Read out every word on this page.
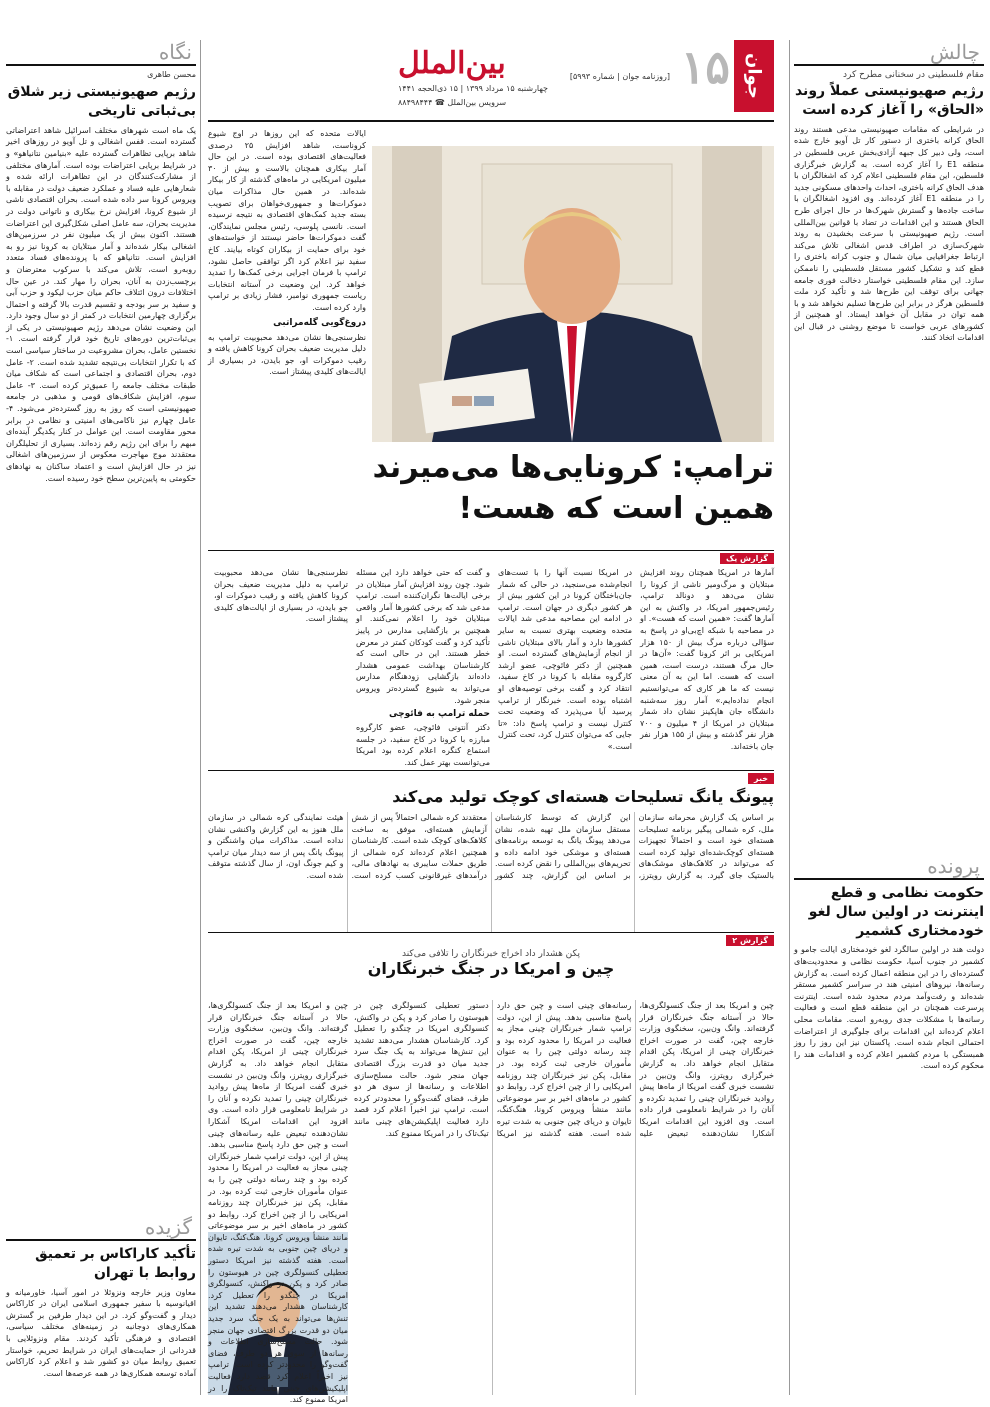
چالش
مقام فلسطینی در سخنانی مطرح کرد
رژیم صهیونیستی عملاً روند «الحاق» را آغاز کرده است
در شرایطی که مقامات صهیونیستی مدعی هستند روند الحاق کرانه باختری از دستور کار تل آویو خارج شده است، ولی دبیر کل جبهه آزادی‌بخش عربی فلسطین در منطقه E1 را آغاز کرده است. به گزارش خبرگزاری فلسطین، این مقام فلسطینی اعلام کرد که اشغالگران با هدف الحاق کرانه باختری، احداث واحدهای مسکونی جدید را در منطقه E1 آغاز کرده‌اند. وی افزود اشغالگران با ساخت جاده‌ها و گسترش شهرک‌ها در حال اجرای طرح الحاق هستند و این اقدامات در تضاد با قوانین بین‌المللی است. رژیم صهیونیستی با سرعت بخشیدن به روند شهرک‌سازی در اطراف قدس اشغالی تلاش می‌کند ارتباط جغرافیایی میان شمال و جنوب کرانه باختری را قطع کند و تشکیل کشور مستقل فلسطینی را ناممکن سازد. این مقام فلسطینی خواستار دخالت فوری جامعه جهانی برای توقف این طرح‌ها شد و تأکید کرد ملت فلسطین هرگز در برابر این طرح‌ها تسلیم نخواهد شد و با همه توان در مقابل آن خواهد ایستاد. او همچنین از کشورهای عربی خواست تا موضع روشنی در قبال این اقدامات اتخاذ کنند.
پرونده
حکومت نظامی و قطع اینترنت در اولین سال لغو خودمختاری کشمیر
دولت هند در اولین سالگرد لغو خودمختاری ایالت جامو و کشمیر در جنوب آسیا، حکومت نظامی و محدودیت‌های گسترده‌ای را در این منطقه اعمال کرده است. به گزارش رسانه‌ها، نیروهای امنیتی هند در سراسر کشمیر مستقر شده‌اند و رفت‌وآمد مردم محدود شده است. اینترنت پرسرعت همچنان در این منطقه قطع است و فعالیت رسانه‌ها با مشکلات جدی روبه‌رو است. مقامات محلی اعلام کرده‌اند این اقدامات برای جلوگیری از اعتراضات احتمالی انجام شده است. پاکستان نیز این روز را روز همبستگی با مردم کشمیر اعلام کرده و اقدامات هند را محکوم کرده است.
نگاه
محسن طاهری
رژیم صهیونیستی زیر شلاق بی‌ثباتی تاریخی
یک ماه است شهرهای مختلف اسرائیل شاهد اعتراضاتی گسترده است. قفس اشغالی و تل آویو در روزهای اخیر شاهد برپایی تظاهرات گسترده علیه «بنیامین نتانیاهو» و در شرایط برپایی اعتراضات بوده است. آمارهای مختلفی از مشارکت‌کنندگان در این تظاهرات ارائه شده و شعارهایی علیه فساد و عملکرد ضعیف دولت در مقابله با ویروس کرونا سر داده شده است. بحران اقتصادی ناشی از شیوع کرونا، افزایش نرخ بیکاری و ناتوانی دولت در مدیریت بحران، سه عامل اصلی شکل‌گیری این اعتراضات هستند. اکنون بیش از یک میلیون نفر در سرزمین‌های اشغالی بیکار شده‌اند و آمار مبتلایان به کرونا نیز رو به افزایش است. نتانیاهو که با پرونده‌های فساد متعدد روبه‌رو است، تلاش می‌کند با سرکوب معترضان و برچسب‌زدن به آنان، بحران را مهار کند. در عین حال اختلافات درون ائتلاف حاکم میان حزب لیکود و حزب آبی و سفید بر سر بودجه و تقسیم قدرت بالا گرفته و احتمال برگزاری چهارمین انتخابات در کمتر از دو سال وجود دارد. این وضعیت نشان می‌دهد رژیم صهیونیستی در یکی از بی‌ثبات‌ترین دوره‌های تاریخ خود قرار گرفته است. ۱- نخستین عامل، بحران مشروعیت در ساختار سیاسی است که با تکرار انتخابات بی‌نتیجه تشدید شده است. ۲- عامل دوم، بحران اقتصادی و اجتماعی است که شکاف میان طبقات مختلف جامعه را عمیق‌تر کرده است. ۳- عامل سوم، افزایش شکاف‌های قومی و مذهبی در جامعه صهیونیستی است که روز به روز گسترده‌تر می‌شود. ۴- عامل چهارم نیز ناکامی‌های امنیتی و نظامی در برابر محور مقاومت است. این عوامل در کنار یکدیگر آینده‌ای مبهم را برای این رژیم رقم زده‌اند. بسیاری از تحلیلگران معتقدند موج مهاجرت معکوس از سرزمین‌های اشغالی نیز در حال افزایش است و اعتماد ساکنان به نهادهای حکومتی به پایین‌ترین سطح خود رسیده است.
گزیده
تأکید کاراکاس بر تعمیق روابط با تهران
معاون وزیر خارجه ونزوئلا در امور آسیا، خاورمیانه و اقیانوسیه با سفیر جمهوری اسلامی ایران در کاراکاس دیدار و گفت‌وگو کرد. در این دیدار طرفین بر گسترش همکاری‌های دوجانبه در زمینه‌های مختلف سیاسی، اقتصادی و فرهنگی تأکید کردند. مقام ونزوئلایی با قدردانی از حمایت‌های ایران در شرایط تحریم، خواستار تعمیق روابط میان دو کشور شد و اعلام کرد کاراکاس آماده توسعه همکاری‌ها در همه عرصه‌ها است.
جوان
۱۵
[روزنامه جوان | شماره ۵۹۹۳]
بین‌الملل
چهارشنبه ۱۵ مرداد ۱۳۹۹ | ۱۵ ذی‌الحجه ۱۴۴۱
سرویس بین‌الملل ☎ ۸۸۴۹۸۴۴۴
ترامپ: کرونایی‌ها می‌میرند
همین است که هست!
ایالات متحده که این روزها در اوج شیوع کروناست، شاهد افزایش ۲۵ درصدی فعالیت‌های اقتصادی بوده است. در این حال آمار بیکاری همچنان بالاست و بیش از ۳۰ میلیون امریکایی در ماه‌های گذشته از کار بیکار شده‌اند. در همین حال مذاکرات میان دموکرات‌ها و جمهوری‌خواهان برای تصویب بسته جدید کمک‌های اقتصادی به نتیجه نرسیده است. نانسی پلوسی، رئیس مجلس نمایندگان، گفت دموکرات‌ها حاضر نیستند از خواسته‌های خود برای حمایت از بیکاران کوتاه بیایند. کاخ سفید نیز اعلام کرد اگر توافقی حاصل نشود، ترامپ با فرمان اجرایی برخی کمک‌ها را تمدید خواهد کرد. این وضعیت در آستانه انتخابات ریاست جمهوری نوامبر، فشار زیادی بر ترامپ وارد کرده است.
دروغ‌گویی گله‌مراتبی
نظرسنجی‌ها نشان می‌دهد محبوبیت ترامپ به دلیل مدیریت ضعیف بحران کرونا کاهش یافته و رقیب دموکرات او، جو بایدن، در بسیاری از ایالت‌های کلیدی پیشتاز است.
گزارش یک
آمارها در امریکا همچنان روند افزایش مبتلایان و مرگ‌ومیر ناشی از کرونا را نشان می‌دهد و دونالد ترامپ، رئیس‌جمهور امریکا، در واکنش به این آمارها گفت: «همین است که هست». او در مصاحبه با شبکه اچ‌بی‌او در پاسخ به سؤالی درباره مرگ بیش از ۱۵۰ هزار امریکایی بر اثر کرونا گفت: «آن‌ها در حال مرگ هستند، درست است، همین است که هست. اما این به آن معنی نیست که ما هر کاری که می‌توانستیم انجام نداده‌ایم.» آمار روز سه‌شنبه دانشگاه جان هاپکینز نشان داد شمار مبتلایان در امریکا از ۴ میلیون و ۷۰۰ هزار نفر گذشته و بیش از ۱۵۵ هزار نفر جان باخته‌اند.
در امریکا نسبت آنها را با تست‌های انجام‌شده می‌سنجید، در حالی که شمار جان‌باختگان کرونا در این کشور بیش از هر کشور دیگری در جهان است. ترامپ در ادامه این مصاحبه مدعی شد ایالات متحده وضعیت بهتری نسبت به سایر کشورها دارد و آمار بالای مبتلایان ناشی از انجام آزمایش‌های گسترده است. او همچنین از دکتر فائوچی، عضو ارشد کارگروه مقابله با کرونا در کاخ سفید، انتقاد کرد و گفت برخی توصیه‌های او اشتباه بوده است. خبرنگار از ترامپ پرسید آیا می‌پذیرد که وضعیت تحت کنترل نیست و ترامپ پاسخ داد: «تا جایی که می‌توان کنترل کرد، تحت کنترل است.»
و گفت که حتی خواهد دارد این مسئله شود. چون روند افزایش آمار مبتلایان در برخی ایالت‌ها نگران‌کننده است. ترامپ مدعی شد که برخی کشورها آمار واقعی مبتلایان خود را اعلام نمی‌کنند. او همچنین بر بازگشایی مدارس در پاییز تأکید کرد و گفت کودکان کمتر در معرض خطر هستند. این در حالی است که کارشناسان بهداشت عمومی هشدار داده‌اند بازگشایی زودهنگام مدارس می‌تواند به شیوع گسترده‌تر ویروس منجر شود.
حمله ترامپ به فائوچی
دکتر آنتونی فائوچی، عضو کارگروه مبارزه با کرونا در کاخ سفید، در جلسه استماع کنگره اعلام کرده بود امریکا می‌توانست بهتر عمل کند.
نظرسنجی‌ها نشان می‌دهد محبوبیت ترامپ به دلیل مدیریت ضعیف بحران کرونا کاهش یافته و رقیب دموکرات او، جو بایدن، در بسیاری از ایالت‌های کلیدی پیشتاز است.
خبر
پیونگ یانگ تسلیحات هسته‌ای کوچک تولید می‌کند
بر اساس یک گزارش محرمانه سازمان ملل، کره شمالی پیگیر برنامه تسلیحات هسته‌ای خود است و احتمالاً تجهیزات هسته‌ای کوچک‌شده‌ای تولید کرده است که می‌تواند در کلاهک‌های موشک‌های بالستیک جای گیرد. به گزارش رویترز، این گزارش که توسط کارشناسان مستقل سازمان ملل تهیه شده، نشان می‌دهد پیونگ یانگ به توسعه برنامه‌های هسته‌ای و موشکی خود ادامه داده و تحریم‌های بین‌المللی را نقض کرده است. بر اساس این گزارش، چند کشور معتقدند کره شمالی احتمالاً پس از شش آزمایش هسته‌ای، موفق به ساخت کلاهک‌های کوچک شده است. کارشناسان همچنین اعلام کرده‌اند کره شمالی از طریق حملات سایبری به نهادهای مالی، درآمدهای غیرقانونی کسب کرده است. هیئت نمایندگی کره شمالی در سازمان ملل هنوز به این گزارش واکنشی نشان نداده است. مذاکرات میان واشنگتن و پیونگ یانگ پس از سه دیدار میان ترامپ و کیم جونگ اون، از سال گذشته متوقف شده است.
گزارش ۲
پکن هشدار داد اخراج خبرنگاران را تلافی می‌کند
چین و امریکا در جنگ خبرنگاران
چین و امریکا بعد از جنگ کنسولگری‌ها، حالا در آستانه جنگ خبرنگاران قرار گرفته‌اند. وانگ ون‌بین، سخنگوی وزارت خارجه چین، گفت در صورت اخراج خبرنگاران چینی از امریکا، پکن اقدام متقابل انجام خواهد داد. به گزارش خبرگزاری رویترز، وانگ ون‌بین در نشست خبری گفت امریکا از ماه‌ها پیش روادید خبرنگاران چینی را تمدید نکرده و آنان را در شرایط نامعلومی قرار داده است. وی افزود این اقدامات امریکا آشکارا نشان‌دهنده تبعیض علیه رسانه‌های چینی است و چین حق دارد پاسخ مناسبی بدهد. پیش از این، دولت ترامپ شمار خبرنگاران چینی مجاز به فعالیت در امریکا را محدود کرده بود و چند رسانه دولتی چین را به عنوان مأموران خارجی ثبت کرده بود. در مقابل، پکن نیز خبرنگاران چند روزنامه امریکایی را از چین اخراج کرد. روابط دو کشور در ماه‌های اخیر بر سر موضوعاتی مانند منشأ ویروس کرونا، هنگ‌کنگ، تایوان و دریای چین جنوبی به شدت تیره شده است. هفته گذشته نیز امریکا دستور تعطیلی کنسولگری چین در هیوستون را صادر کرد و پکن در واکنش، کنسولگری امریکا در چنگدو را تعطیل کرد. کارشناسان هشدار می‌دهند تشدید این تنش‌ها می‌تواند به یک جنگ سرد جدید میان دو قدرت بزرگ اقتصادی جهان منجر شود. حالت مسلح‌سازی اطلاعات و رسانه‌ها از سوی هر دو طرف، فضای گفت‌وگو را محدودتر کرده است. ترامپ نیز اخیراً اعلام کرد قصد دارد فعالیت اپلیکیشن‌های چینی مانند تیک‌تاک را در امریکا ممنوع کند.
چین و امریکا بعد از جنگ کنسولگری‌ها، حالا در آستانه جنگ خبرنگاران قرار گرفته‌اند. وانگ ون‌بین، سخنگوی وزارت خارجه چین، گفت در صورت اخراج خبرنگاران چینی از امریکا، پکن اقدام متقابل انجام خواهد داد. به گزارش خبرگزاری رویترز، وانگ ون‌بین در نشست خبری گفت امریکا از ماه‌ها پیش روادید خبرنگاران چینی را تمدید نکرده و آنان را در شرایط نامعلومی قرار داده است. وی افزود این اقدامات امریکا آشکارا نشان‌دهنده تبعیض علیه رسانه‌های چینی است و چین حق دارد پاسخ مناسبی بدهد. پیش از این، دولت ترامپ شمار خبرنگاران چینی مجاز به فعالیت در امریکا را محدود کرده بود و چند رسانه دولتی چین را به عنوان مأموران خارجی ثبت کرده بود. در مقابل، پکن نیز خبرنگاران چند روزنامه امریکایی را از چین اخراج کرد. روابط دو کشور در ماه‌های اخیر بر سر موضوعاتی مانند منشأ ویروس کرونا، هنگ‌کنگ، تایوان و دریای چین جنوبی به شدت تیره شده است. هفته گذشته نیز امریکا دستور تعطیلی کنسولگری چین در هیوستون را صادر کرد و پکن در واکنش، کنسولگری امریکا در چنگدو را تعطیل کرد. کارشناسان هشدار می‌دهند تشدید این تنش‌ها می‌تواند به یک جنگ سرد جدید میان دو قدرت بزرگ اقتصادی جهان منجر شود. حالت مسلح‌سازی اطلاعات و رسانه‌ها از سوی هر دو طرف، فضای گفت‌وگو را محدودتر کرده است. ترامپ نیز اخیراً اعلام کرد قصد دارد فعالیت اپلیکیشن‌های چینی مانند تیک‌تاک را در امریکا ممنوع کند.
